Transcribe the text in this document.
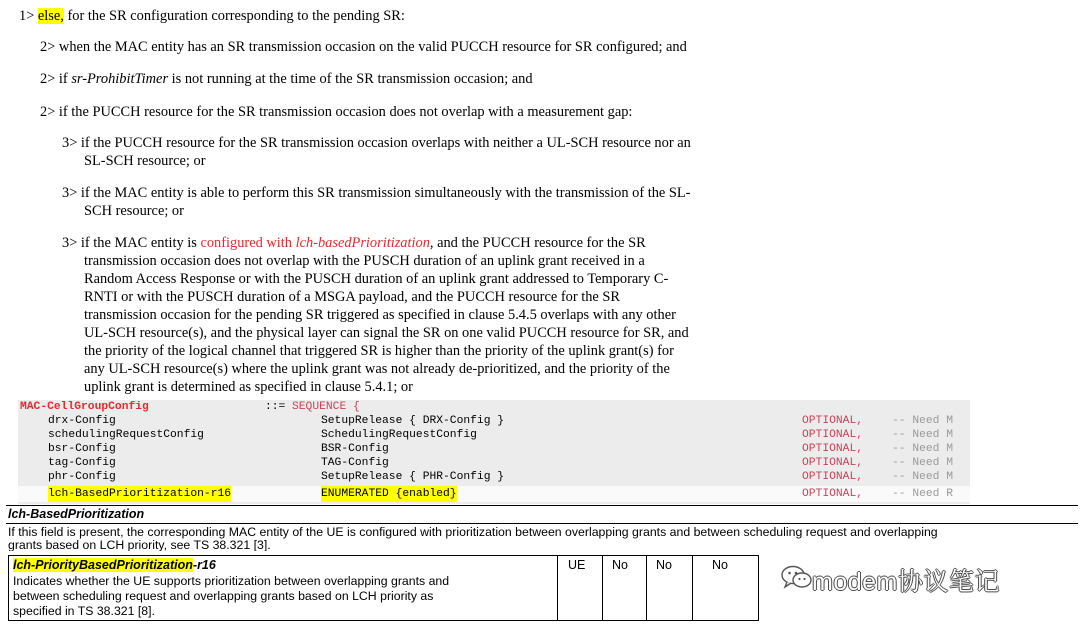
1> else, for the SR configuration corresponding to the pending SR:
2> when the MAC entity has an SR transmission occasion on the valid PUCCH resource for SR configured; and
2> if sr-ProhibitTimer is not running at the time of the SR transmission occasion; and
2> if the PUCCH resource for the SR transmission occasion does not overlap with a measurement gap:
3> if the PUCCH resource for the SR transmission occasion overlaps with neither a UL-SCH resource nor an
SL-SCH resource; or
3> if the MAC entity is able to perform this SR transmission simultaneously with the transmission of the SL-
SCH resource; or
3> if the MAC entity is configured with lch-basedPrioritization, and the PUCCH resource for the SR
transmission occasion does not overlap with the PUSCH duration of an uplink grant received in a
Random Access Response or with the PUSCH duration of an uplink grant addressed to Temporary C-
RNTI or with the PUSCH duration of a MSGA payload, and the PUCCH resource for the SR
transmission occasion for the pending SR triggered as specified in clause 5.4.5 overlaps with any other
UL-SCH resource(s), and the physical layer can signal the SR on one valid PUCCH resource for SR, and
the priority of the logical channel that triggered SR is higher than the priority of the uplink grant(s) for
any UL-SCH resource(s) where the uplink grant was not already de-prioritized, and the priority of the
uplink grant is determined as specified in clause 5.4.1; or
MAC-CellGroupConfig	::= SEQUENCE {
drx-Config	SetupRelease { DRX-Config }	OPTIONAL,	-- Need M
schedulingRequestConfig	SchedulingRequestConfig	OPTIONAL,	-- Need M
bsr-Config	BSR-Config	OPTIONAL,	-- Need M
tag-Config	TAG-Config	OPTIONAL,	-- Need M
phr-Config	SetupRelease { PHR-Config }	OPTIONAL,	-- Need M
lch-BasedPrioritization-r16	ENUMERATED {enabled}	OPTIONAL,	-- Need R
lch-BasedPrioritization
If this field is present, the corresponding MAC entity of the UE is configured with prioritization between overlapping grants and between scheduling request and overlapping
grants based on LCH priority, see TS 38.321 [3].
lch-PriorityBasedPrioritization-r16
Indicates whether the UE supports prioritization between overlapping grants and
between scheduling request and overlapping grants based on LCH priority as
specified in TS 38.321 [8].
UE No No	No
modem协议笔记
